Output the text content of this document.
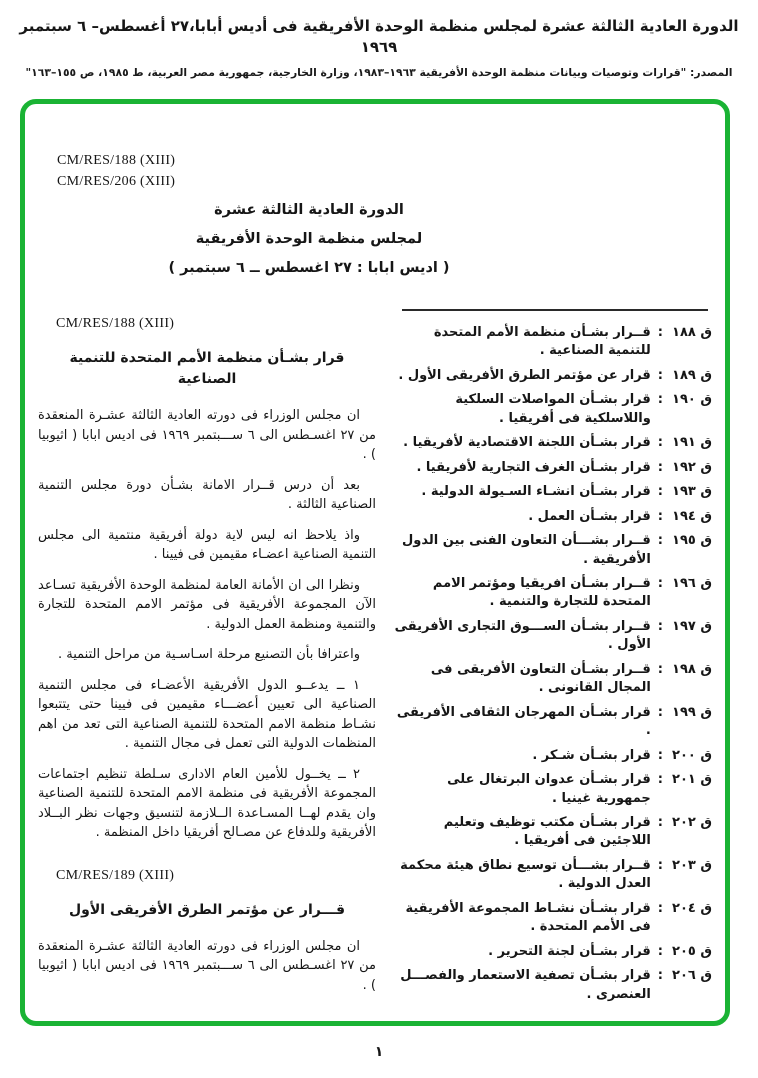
الدورة العادية الثالثة عشرة لمجلس منظمة الوحدة الأفريقية فى أديس أبابا،٢٧ أغسطس– ٦ سبتمبر ١٩٦٩
المصدر: "قرارات وتوصيات وبيانات منظمة الوحدة الأفريقية ١٩٦٣–١٩٨٣، وزارة الخارجية، جمهورية مصر العربية، ط ١٩٨٥، ص ١٥٥–١٦٣"
CM/RES/188 (XIII)
CM/RES/206 (XIII)
الدورة العادية الثالثة عشرة
لمجلس منظمة الوحدة الأفريقية
( اديس ابابا : ٢٧ اغسطس ــ ٦ سبتمبر )
ق ١٨٨
:
قــرار بشـأن منظمة الأمم المتحدة للتنمية الصناعية .
ق ١٨٩
:
قرار عن مؤتمر الطرق الأفريقى الأول .
ق ١٩٠
:
قرار بشـأن المواصلات السلكية واللاسلكية فى أفريقيا .
ق ١٩١
:
قرار بشـأن اللجنة الاقتصادية لأفريقيا .
ق ١٩٢
:
قرار بشـأن الغرف التجارية لأفريقيا .
ق ١٩٣
:
قرار بشـأن انشـاء السـيولة الدولية .
ق ١٩٤
:
قرار بشـأن العمل .
ق ١٩٥
:
قــرار بشـــأن التعاون الفنى بين الدول الأفريقية .
ق ١٩٦
:
قــرار بشـأن افريقيا ومؤتمر الامم المتحدة للتجارة والتنمية .
ق ١٩٧
:
قــرار بشـأن الســـوق التجارى الأفريقى الأول .
ق ١٩٨
:
قــرار بشـأن التعاون الأفريقى فى المجال القانونى .
ق ١٩٩
:
قرار بشـأن المهرجان الثقافى الأفريقى .
ق ٢٠٠
:
قرار بشـأن شـكر .
ق ٢٠١
:
قرار بشـأن عدوان البرتغال على جمهورية غينيا .
ق ٢٠٢
:
قرار بشـأن مكتب توظيف وتعليم اللاجئين فى أفريقيا .
ق ٢٠٣
:
قــرار بشـــأن توسيع نطاق هيئة محكمة العدل الدولية .
ق ٢٠٤
:
قرار بشـأن نشـاط المجموعة الأفريقية فى الأمم المتحدة .
ق ٢٠٥
:
قرار بشـأن لجنة التحرير .
ق ٢٠٦
:
قرار بشـأن تصفية الاستعمار والفصـــل العنصرى .
CM/RES/188 (XIII)
قرار بشـأن منظمة الأمم المتحدة للتنمية الصناعية

ان مجلس الوزراء فى دورته العادية الثالثة عشـرة المنعقدة من ٢٧ اغسـطس الى ٦ ســـبتمبر ١٩٦٩ فى اديس ابابا ( اثيوبيا ) .

بعد أن درس قــرار الامانة بشـأن دورة مجلس التنمية الصناعية الثالثة .

واذ يلاحظ انه ليس لاية دولة أفريقية منتمية الى مجلس التنمية الصناعية اعضـاء مقيمين فى فيينا .

ونظرا الى ان الأمانة العامة لمنظمة الوحدة الأفريقية تسـاعد الآن المجموعة الأفريقية فى مؤتمر الامم المتحدة للتجارة والتنمية ومنظمة العمل الدولية .

واعترافا بأن التصنيع مرحلة اسـاسـية من مراحل التنمية .

١ ــ يدعــو الدول الأفريقية الأعضـاء فى مجلس التنمية الصناعية الى تعيين أعضـــاء مقيمين فى فيينا حتى يتتبعوا نشـاط منظمة الامم المتحدة للتنمية الصناعية التى تعد من اهم المنظمات الدولية التى تعمل فى مجال التنمية .

٢ ــ يخــول للأمين العام الادارى سـلطة تنظيم اجتماعات المجموعة الأفريقية فى منظمة الامم المتحدة للتنمية الصناعية وان يقدم لهــا المسـاعدة الــلازمة لتنسيق وجهات نظر البــلاد الأفريقية وللدفاع عن مصـالح أفريقيا داخل المنظمة .

CM/RES/189 (XIII)
قـــرار عن مؤتمر الطرق الأفريقى الأول

ان مجلس الوزراء فى دورته العادية الثالثة عشـرة المنعقدة من ٢٧ اغسـطس الى ٦ ســـبتمبر ١٩٦٩ فى اديس ابابا ( اثيوبيا ) .

١
